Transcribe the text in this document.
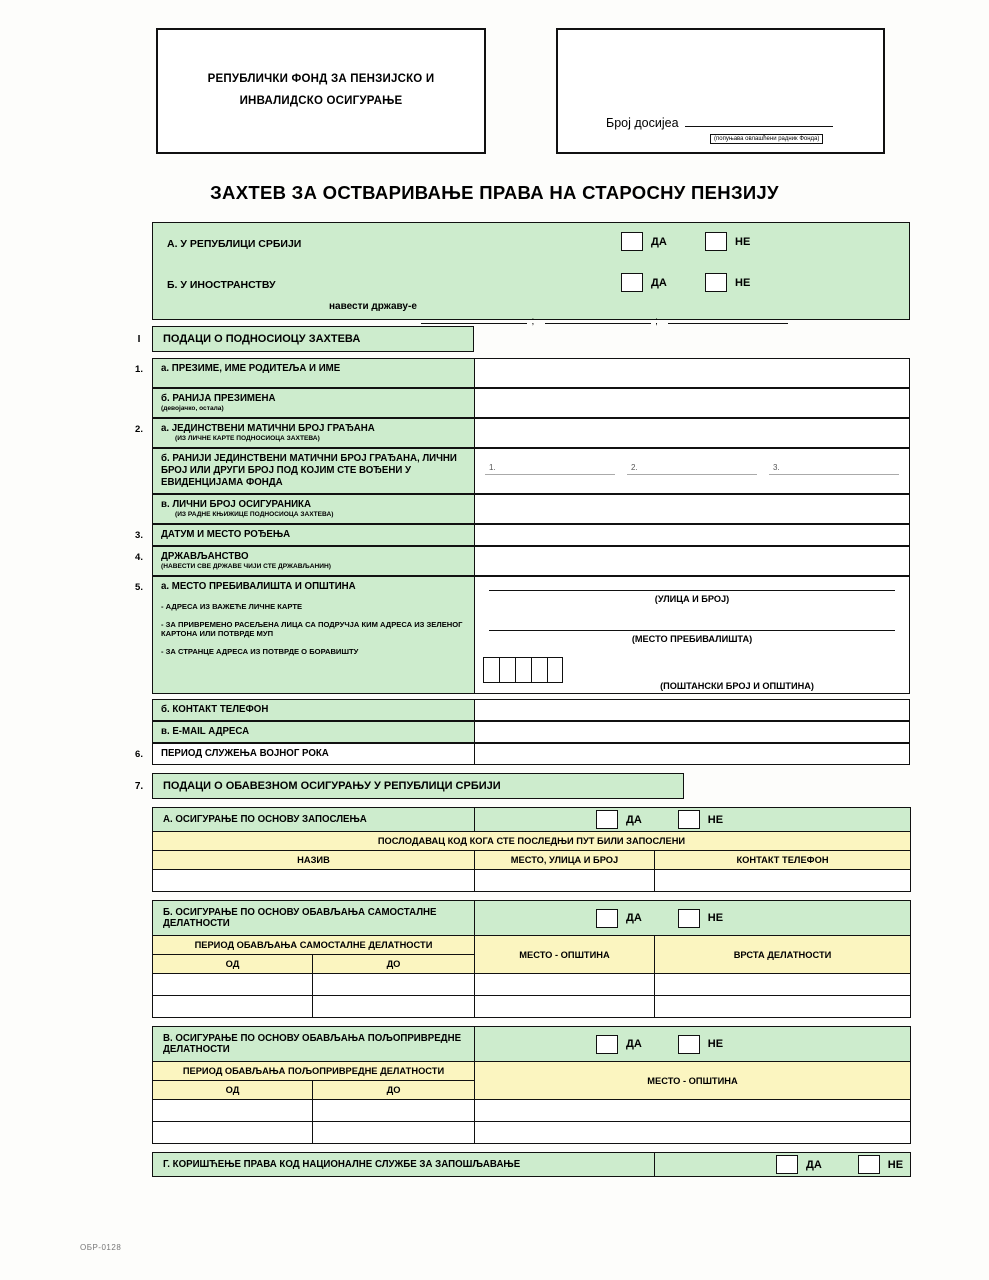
РЕПУБЛИЧКИ ФОНД ЗА ПЕНЗИЈСКО И
ИНВАЛИДСКО ОСИГУРАЊЕ
Број досијеа
(попуњава овлашћени радник Фонда)
ЗАХТЕВ ЗА ОСТВАРИВАЊЕ ПРАВА НА СТАРОСНУ ПЕНЗИЈУ
А. У РЕПУБЛИЦИ СРБИЈИ	ДА	НЕ
Б. У ИНОСТРАНСТВУ	ДА	НЕ
навести државу-е
;	;
I	ПОДАЦИ О ПОДНОСИОЦУ ЗАХТЕВА
1.	а. ПРЕЗИМЕ, ИМЕ РОДИТЕЉА И ИМЕ
б. РАНИЈА ПРЕЗИМЕНА
(девојачко, остала)
2.	а. ЈЕДИНСТВЕНИ МАТИЧНИ БРОЈ ГРАЂАНА
(ИЗ ЛИЧНЕ КАРТЕ ПОДНОСИОЦА ЗАХТЕВА)
б. РАНИЈИ ЈЕДИНСТВЕНИ МАТИЧНИ БРОЈ ГРАЂАНА, ЛИЧНИ БРОЈ ИЛИ ДРУГИ БРОЈ ПОД КОЈИМ СТЕ ВОЂЕНИ У ЕВИДЕНЦИЈАМА ФОНДА
1.	2.	3.
в. ЛИЧНИ БРОЈ ОСИГУРАНИКА
(ИЗ РАДНЕ КЊИЖИЦЕ ПОДНОСИОЦА ЗАХТЕВА)
3.	ДАТУМ И МЕСТО РОЂЕЊА
4.	ДРЖАВЉАНСТВО
(НАВЕСТИ СВЕ ДРЖАВЕ ЧИЈИ СТЕ ДРЖАВЉАНИН)
5.	а. МЕСТО ПРЕБИВАЛИШТА И ОПШТИНА
- АДРЕСА ИЗ ВАЖЕЋЕ ЛИЧНЕ КАРТЕ
- ЗА ПРИВРЕМЕНО РАСЕЉЕНА ЛИЦА СА ПОДРУЧЈА КИМ АДРЕСА ИЗ ЗЕЛЕНОГ КАРТОНА ИЛИ ПОТВРДЕ МУП
- ЗА СТРАНЦЕ АДРЕСА ИЗ ПОТВРДЕ О БОРАВИШТУ
(УЛИЦА И БРОЈ)
(МЕСТО ПРЕБИВАЛИШТА)
(ПОШТАНСКИ БРОЈ И ОПШТИНА)
б. КОНТАКТ ТЕЛЕФОН
в. Е-MAIL АДРЕСА
6.	ПЕРИОД СЛУЖЕЊА ВОЈНОГ РОКА
7.	ПОДАЦИ О ОБАВЕЗНОМ ОСИГУРАЊУ У РЕПУБЛИЦИ СРБИЈИ
А. ОСИГУРАЊЕ ПО ОСНОВУ ЗАПОСЛЕЊА	ДА НЕ	

ПОСЛОДАВАЦ КОД КОГА СТЕ ПОСЛЕДЊИ ПУТ БИЛИ ЗАПОСЛЕНИ		
НАЗИВ	МЕСТО, УЛИЦА И БРОЈ	КОНТАКТ ТЕЛЕФОН

Б. ОСИГУРАЊЕ ПО ОСНОВУ ОБАВЉАЊА САМОСТАЛНЕ ДЕЛАТНОСТИ		ДА НЕ	

ПЕРИОД ОБАВЉАЊА САМОСТАЛНЕ ДЕЛАТНОСТИ		МЕСТО - ОПШТИНА	ВРСТА ДЕЛАТНОСТИ
ОД	ДО		

В. ОСИГУРАЊЕ ПО ОСНОВУ ОБАВЉАЊА ПОЉОПРИВРЕДНЕ ДЕЛАТНОСТИ		ДА НЕ

ПЕРИОД ОБАВЉАЊА ПОЉОПРИВРЕДНЕ ДЕЛАТНОСТИ		МЕСТО - ОПШТИНА
ОД	ДО	

Г. КОРИШЋЕЊЕ ПРАВА КОД НАЦИОНАЛНЕ СЛУЖБЕ ЗА ЗАПОШЉАВАЊЕ	ДА	НЕ
ОБР-0128
